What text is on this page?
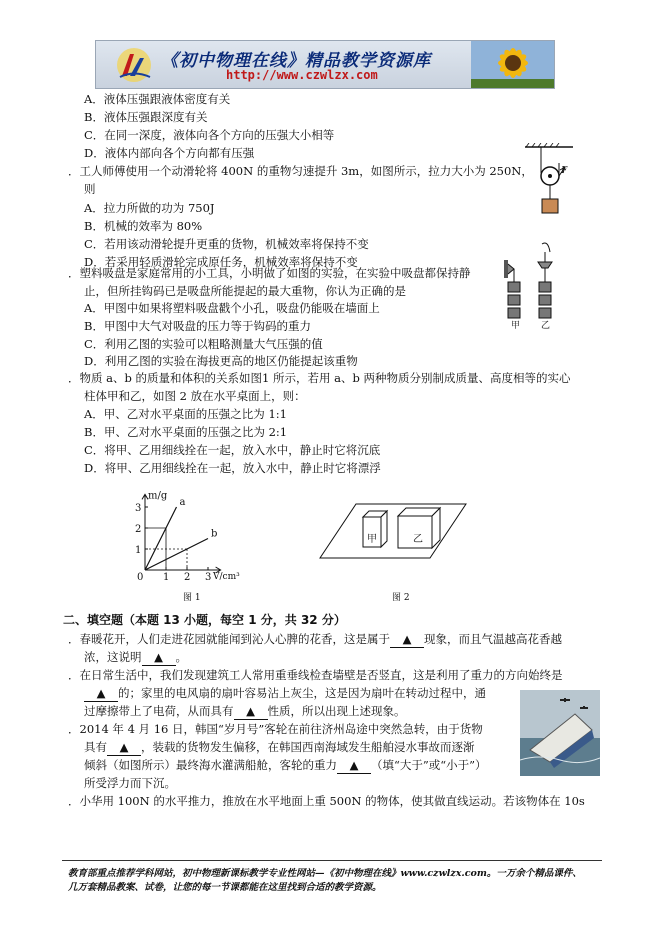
《初中物理在线》精品教学资源库
http://www.czwlzx.com
A．液体压强跟液体密度有关
B．液体压强跟深度有关
C．在同一深度，液体向各个方向的压强大小相等
D．液体内部向各个方向都有压强
．工人师傅使用一个动滑轮将 400N 的重物匀速提升 3m，如图所示，拉力大小为 250N，
则
A．拉力所做的功为 750J
B．机械的效率为 80%
C．若用该动滑轮提升更重的货物，机械效率将保持不变
D．若采用轻质滑轮完成原任务，机械效率将保持不变
F
．塑料吸盘是家庭常用的小工具，小明做了如图的实验，在实验中吸盘都保持静
止，但所挂钩码已是吸盘所能提起的最大重物，你认为正确的是
A．甲图中如果将塑料吸盘戳个小孔，吸盘仍能吸在墙面上
B．甲图中大气对吸盘的压力等于钩码的重力
C．利用乙图的实验可以粗略测量大气压强的值
D．利用乙图的实验在海拔更高的地区仍能提起该重物
甲 乙
．物质 a、b 的质量和体积的关系如图1 所示，若用 a、b 两种物质分别制成质量、高度相等的实心
柱体甲和乙，如图 2 放在水平桌面上，则：
A．甲、乙对水平桌面的压强之比为 1:1
B．甲、乙对水平桌面的压强之比为 2:1
C．将甲、乙用细线拴在一起，放入水中，静止时它将沉底
D．将甲、乙用细线拴在一起，放入水中，静止时它将漂浮
0 1 2 3
1
2
3
m/g
V/cm³
a
b
图 1
甲	乙
图 2
二、填空题（本题 13 小题，每空 1 分，共 32 分）
．春暖花开，人们走进花园就能闻到沁人心脾的花香，这是属于 ▲ 现象，而且气温越高花香越
浓，这说明 ▲ 。
．在日常生活中，我们发现建筑工人常用重垂线检查墙壁是否竖直，这是利用了重力的方向始终是
▲ 的；家里的电风扇的扇叶容易沾上灰尘，这是因为扇叶在转动过程中，通
过摩擦带上了电荷，从而具有 ▲ 性质，所以出现上述现象。
．2014 年 4 月 16 日，韩国“岁月号”客轮在前往济州岛途中突然急转，由于货物
具有 ▲ ，装载的货物发生偏移，在韩国西南海域发生船舶浸水事故而逐渐
倾斜（如图所示）最终海水灌满船舱，客轮的重力 ▲ （填“大于”或“小于”）
所受浮力而下沉。
．小华用 100N 的水平推力，推放在水平地面上重 500N 的物体，使其做直线运动。若该物体在 10s
教育部重点推荐学科网站，初中物理新课标教学专业性网站—《初中物理在线》www.czwlzx.com。一万余个精品课件、
几万套精品教案、试卷，让您的每一节课都能在这里找到合适的教学资源。
